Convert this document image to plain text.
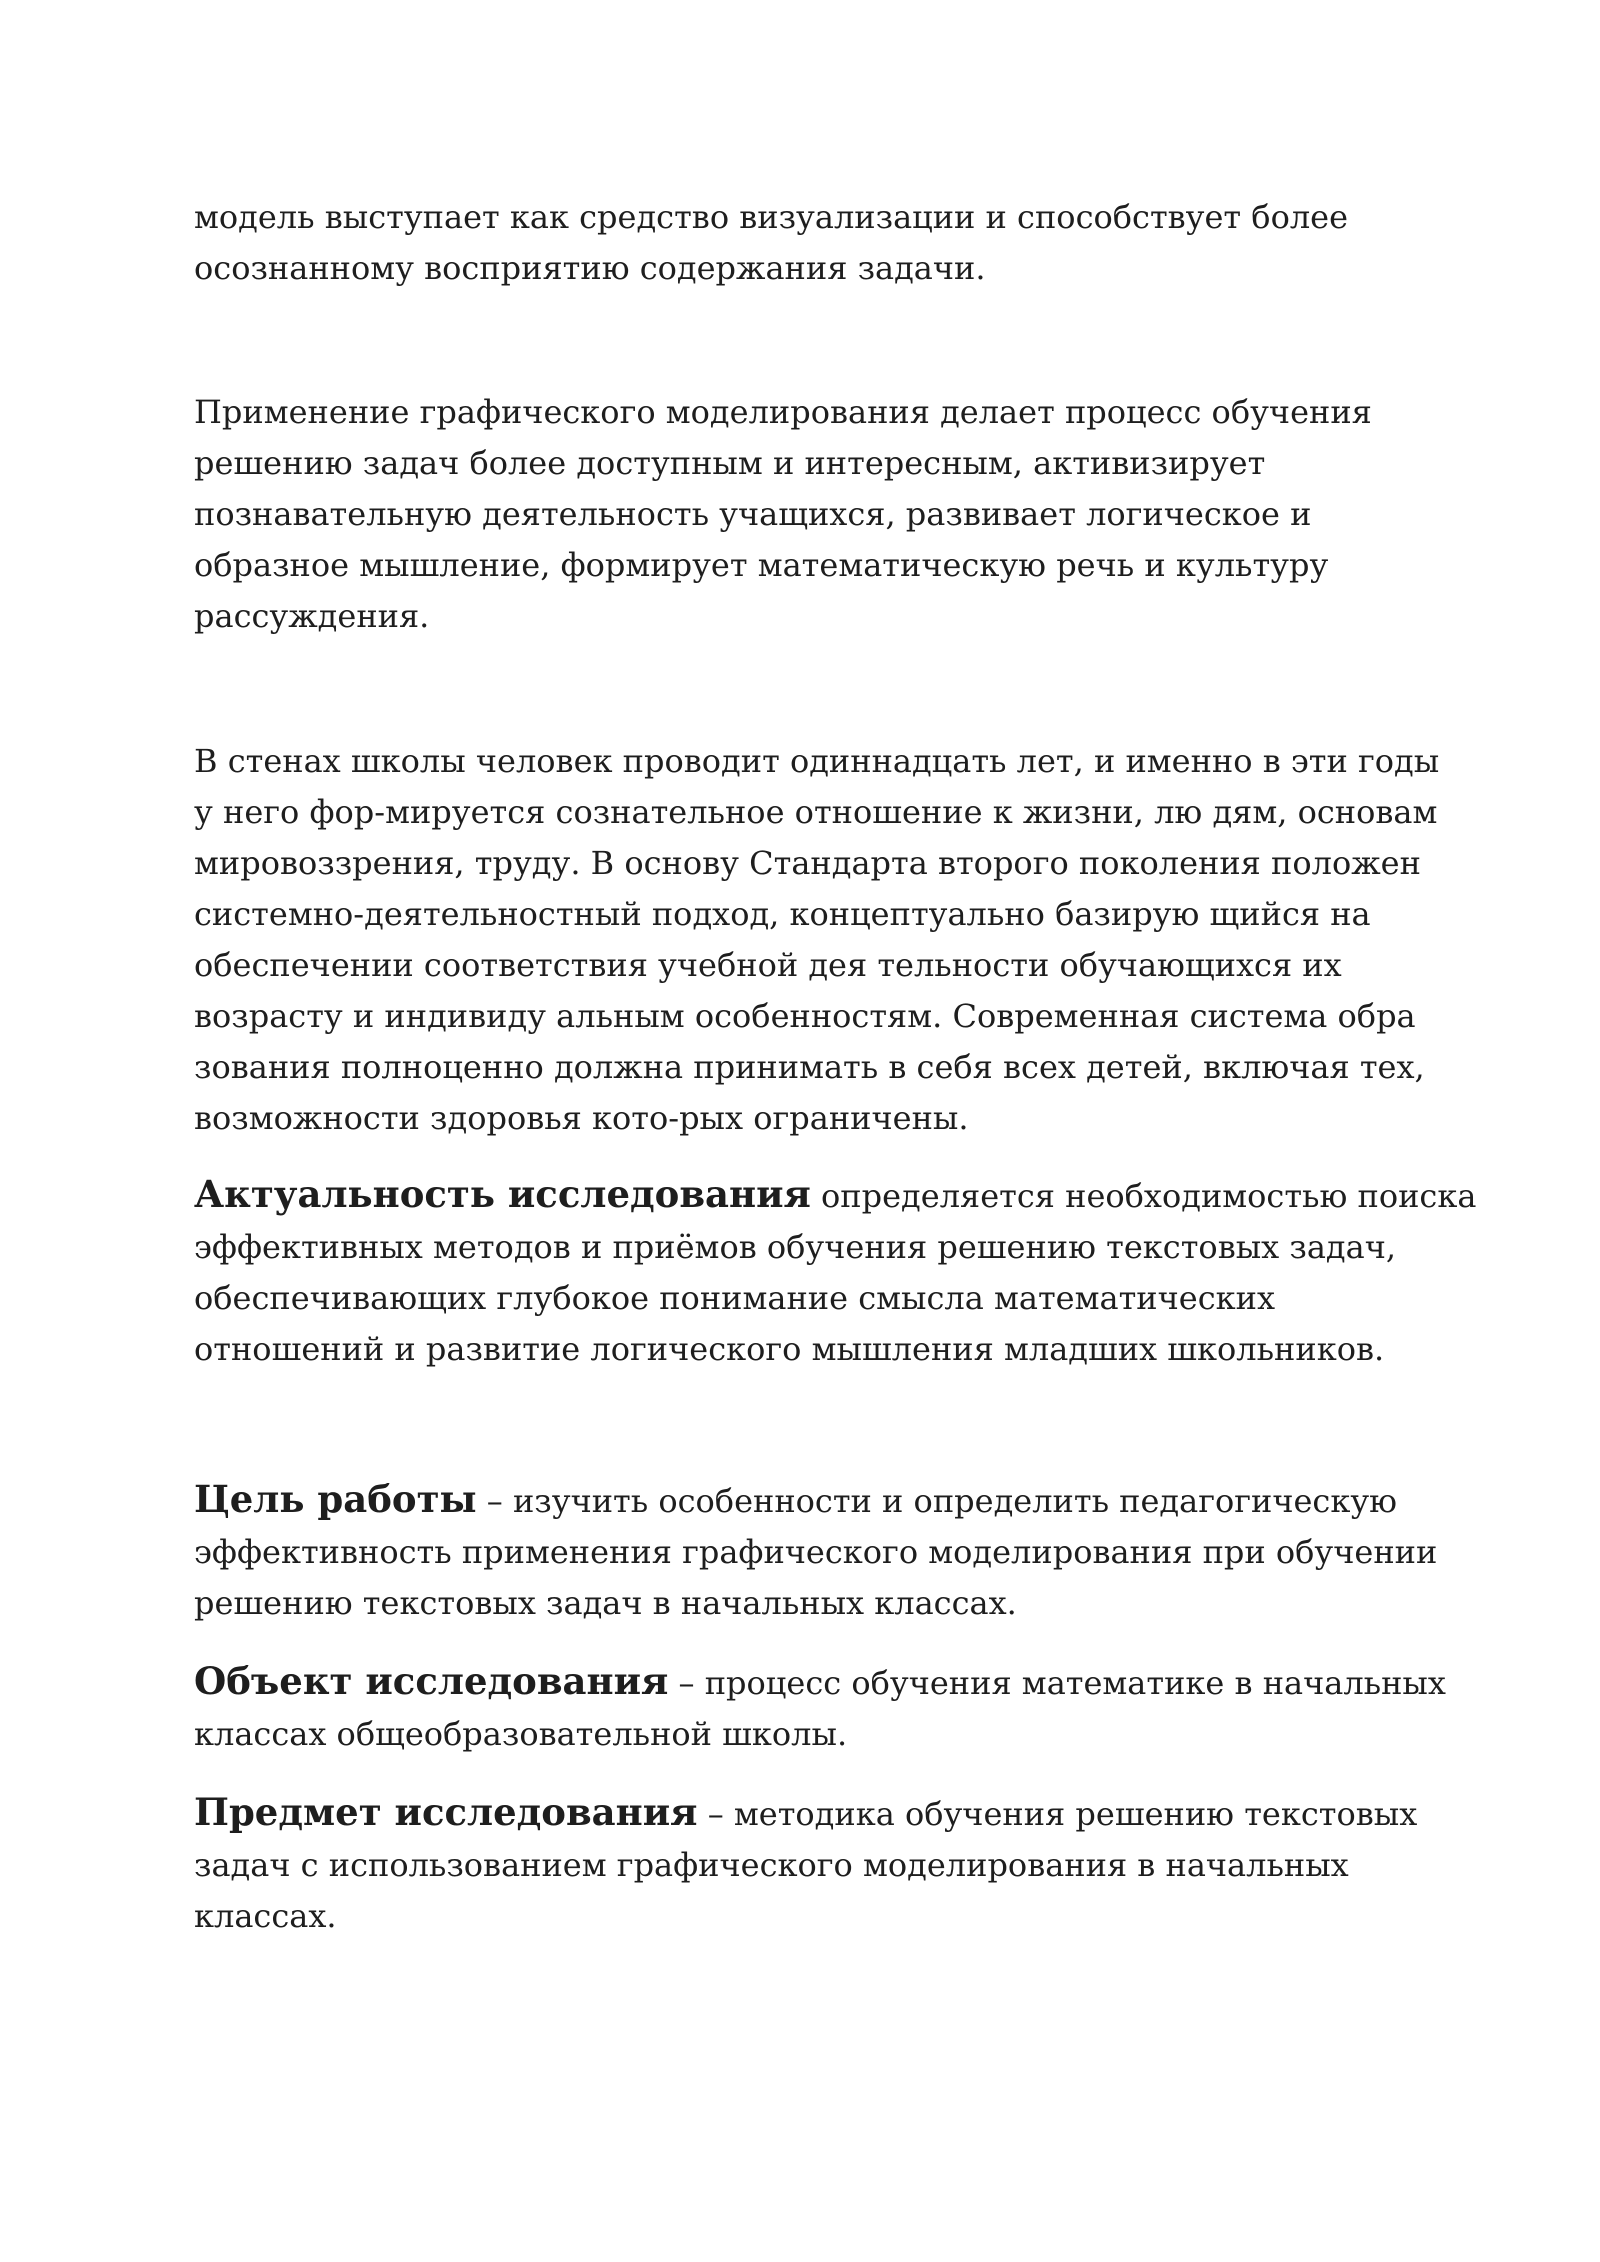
модель выступает как средство визуализации и способствует более
осознанному восприятию содержания задачи.

Применение графического моделирования делает процесс обучения
решению задач более доступным и интересным, активизирует
познавательную деятельность учащихся, развивает логическое и
образное мышление, формирует математическую речь и культуру
рассуждения.

В стенах школы человек проводит одиннадцать лет, и именно в эти годы
у него фор-мируется сознательное отношение к жизни, лю дям, основам
мировоззрения, труду. В основу Стандарта второго поколения положен
системно-деятельностный подход, концептуально базирую щийся на
обеспечении соответствия учебной дея тельности обучающихся их
возрасту и индивиду альным особенностям. Современная система обра
зования полноценно должна принимать в себя всех детей, включая тех,
возможности здоровья кото-рых ограничены.

Актуальность исследования определяется необходимостью поиска
эффективных методов и приёмов обучения решению текстовых задач,
обеспечивающих глубокое понимание смысла математических
отношений и развитие логического мышления младших школьников.

Цель работы – изучить особенности и определить педагогическую
эффективность применения графического моделирования при обучении
решению текстовых задач в начальных классах.

Объект исследования – процесс обучения математике в начальных
классах общеобразовательной школы.

Предмет исследования – методика обучения решению текстовых
задач с использованием графического моделирования в начальных
классах.
